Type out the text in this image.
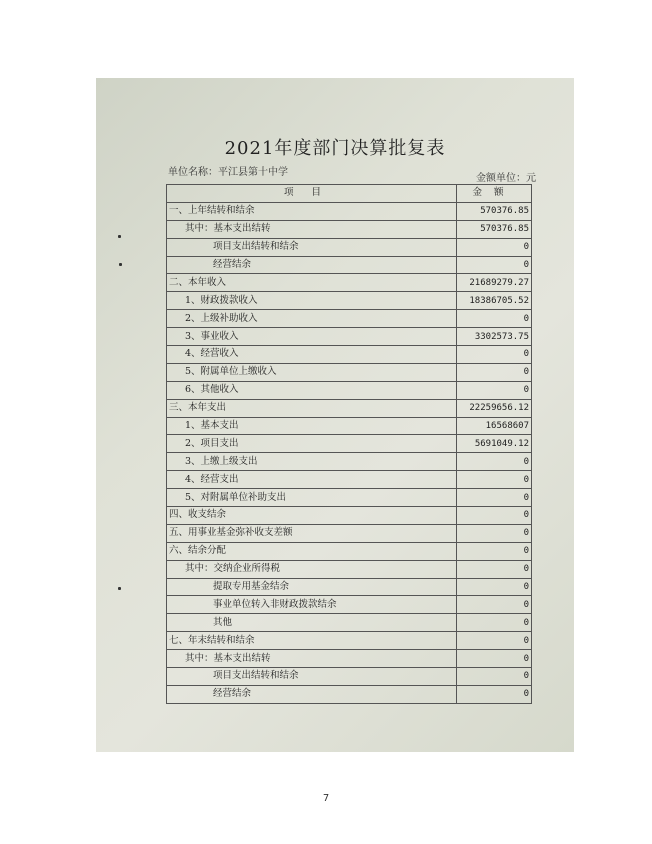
2021年度部门决算批复表
单位名称：平江县第十中学
金额单位：元
项目	金额
一、上年结转和结余	570376.85
其中：基本支出结转	570376.85
项目支出结转和结余	0
经营结余	0
二、本年收入	21689279.27
1、财政拨款收入	18386705.52
2、上级补助收入	0
3、事业收入	3302573.75
4、经营收入	0
5、附属单位上缴收入	0
6、其他收入	0
三、本年支出	22259656.12
1、基本支出	16568607
2、项目支出	5691049.12
3、上缴上级支出	0
4、经营支出	0
5、对附属单位补助支出	0
四、收支结余	0
五、用事业基金弥补收支差额	0
六、结余分配	0
其中：交纳企业所得税	0
提取专用基金结余	0
事业单位转入非财政拨款结余	0
其他	0
七、年末结转和结余	0
其中：基本支出结转	0
项目支出结转和结余	0
经营结余	0
7
